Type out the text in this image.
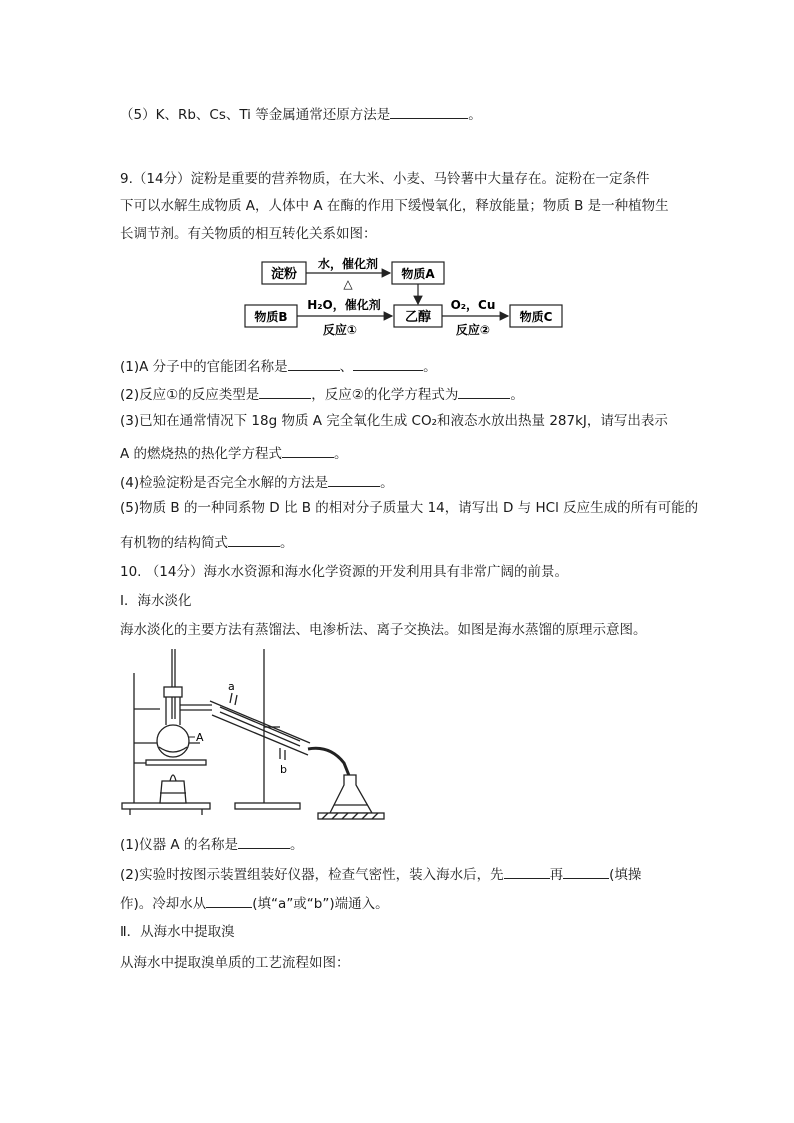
（5）K、Rb、Cs、Ti 等金属通常还原方法是	。
9.（14分）淀粉是重要的营养物质，在大米、小麦、马铃薯中大量存在。淀粉在一定条件
下可以水解生成物质 A，人体中 A 在酶的作用下缓慢氧化，释放能量；物质 B 是一种植物生
长调节剂。有关物质的相互转化关系如图：
淀粉
水，催化剂
△
物质A
物质B
H₂O，催化剂
反应①
乙醇
O₂，Cu
反应②
物质C
(1)A 分子中的官能团名称是	、	。
(2)反应①的反应类型是	，反应②的化学方程式为	。
(3)已知在通常情况下 18g 物质 A 完全氧化生成 CO₂和液态水放出热量 287kJ，请写出表示
A 的燃烧热的热化学方程式	。
(4)检验淀粉是否完全水解的方法是	。
(5)物质 B 的一种同系物 D 比 B 的相对分子质量大 14，请写出 D 与 HCl 反应生成的所有可能的
有机物的结构简式	。
10. （14分）海水水资源和海水化学资源的开发利用具有非常广阔的前景。
Ⅰ．海水淡化
海水淡化的主要方法有蒸馏法、电渗析法、离子交换法。如图是海水蒸馏的原理示意图。
A
a
b
(1)仪器 A 的名称是	。
(2)实验时按图示装置组装好仪器，检查气密性，装入海水后，先	再	(填操
作)。冷却水从	(填“a”或“b”)端通入。
Ⅱ．从海水中提取溴
从海水中提取溴单质的工艺流程如图：
